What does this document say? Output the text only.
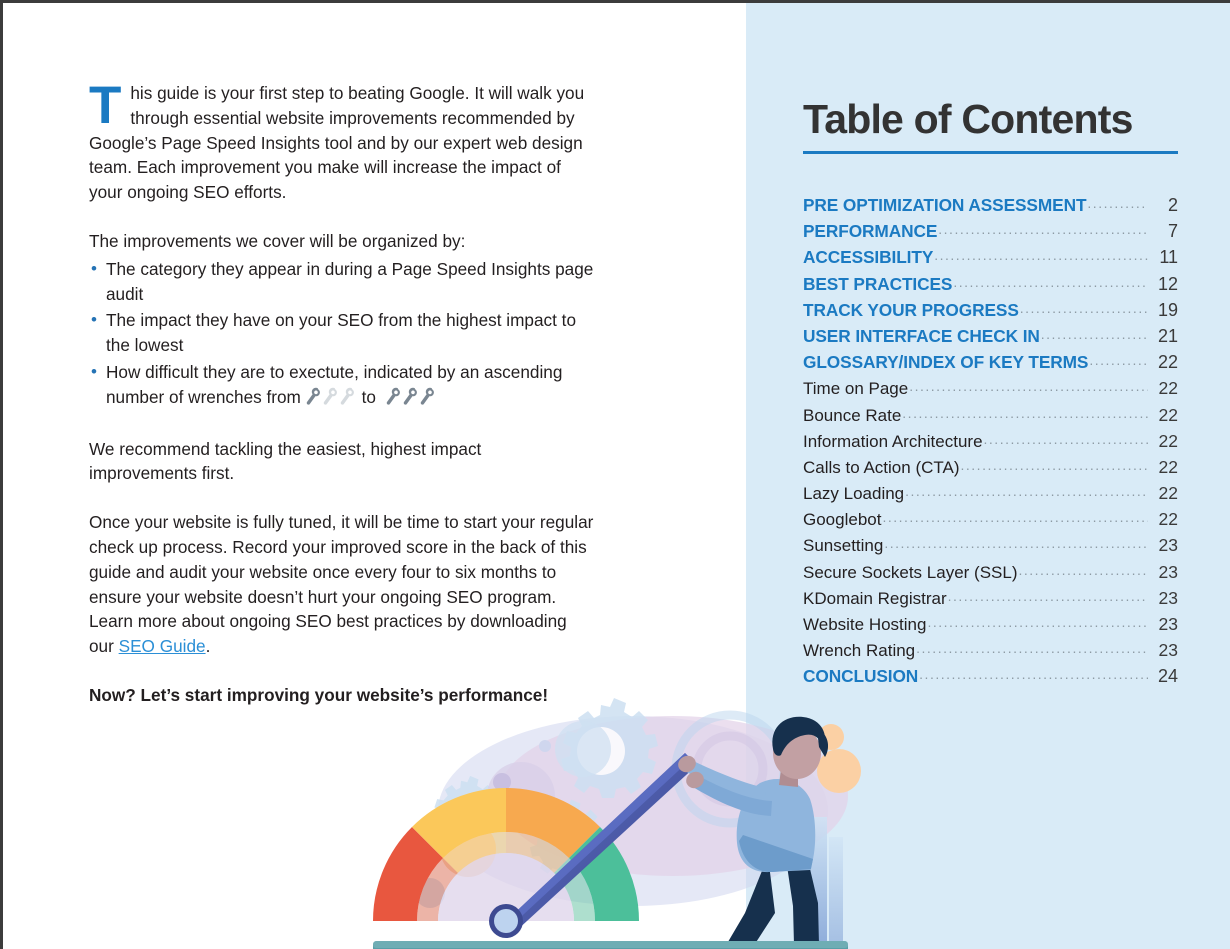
Table of Contents
PRE OPTIMIZATION ASSESSMENT .....	2
PERFORMANCE .....	7
ACCESSIBILITY .....	11
BEST PRACTICES .....	12
TRACK YOUR PROGRESS .....	19
USER INTERFACE CHECK IN .....	21
GLOSSARY/INDEX OF KEY TERMS .....	22
Time on Page .....	22
Bounce Rate .....	22
Information Architecture .....	22
Calls to Action (CTA) .....	22
Lazy Loading .....	22
Googlebot .....	22
Sunsetting .....	23
Secure Sockets Layer (SSL) .....	23
KDomain Registrar .....	23
Website Hosting .....	23
Wrench Rating .....	23
CONCLUSION .....	24

This guide is your first step to beating Google. It will walk you through essential website improvements recommended by Google’s Page Speed Insights tool and by our expert web design team. Each improvement you make will increase the impact of your ongoing SEO efforts.

The improvements we cover will be organized by:

• The category they appear in during a Page Speed Insights page audit
• The impact they have on your SEO from the highest impact to the lowest
• How difficult they are to exectute, indicated by an ascending number of wrenches from	to

We recommend tackling the easiest, highest impact improvements first.

Once your website is fully tuned, it will be time to start your regular check up process. Record your improved score in the back of this guide and audit your website once every four to six months to ensure your website doesn’t hurt your ongoing SEO program. Learn more about ongoing SEO best practices by downloading our SEO Guide.

Now? Let’s start improving your website’s performance!
